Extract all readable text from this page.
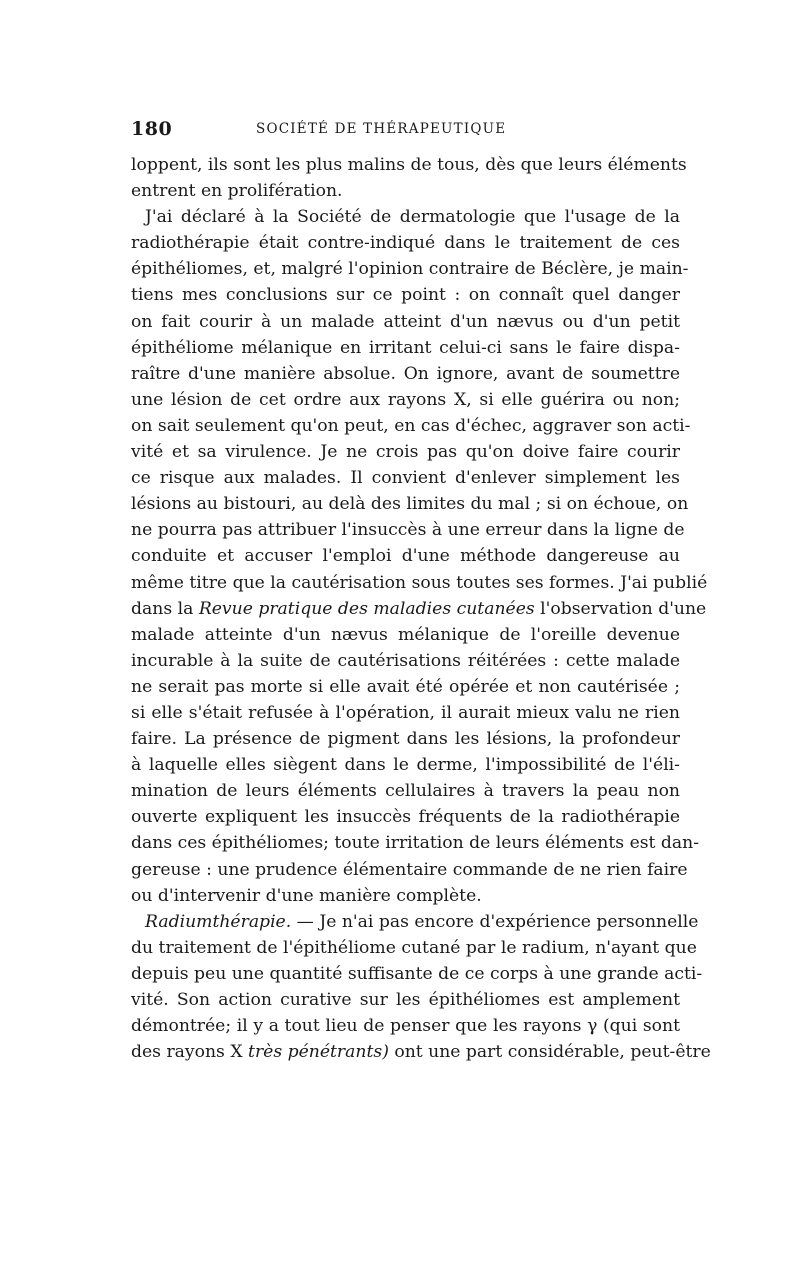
180	SOCIÉTÉ DE THÉRAPEUTIQUE
loppent, ils sont les plus malins de tous, dès que leurs éléments
entrent en prolifération.
J'ai déclaré à la Société de dermatologie que l'usage de la
radiothérapie était contre-indiqué dans le traitement de ces
épithéliomes, et, malgré l'opinion contraire de Béclère, je main-
tiens mes conclusions sur ce point : on connaît quel danger
on fait courir à un malade atteint d'un nævus ou d'un petit
épithéliome mélanique en irritant celui-ci sans le faire dispa-
raître d'une manière absolue. On ignore, avant de soumettre
une lésion de cet ordre aux rayons X, si elle guérira ou non;
on sait seulement qu'on peut, en cas d'échec, aggraver son acti-
vité et sa virulence. Je ne crois pas qu'on doive faire courir
ce risque aux malades. Il convient d'enlever simplement les
lésions au bistouri, au delà des limites du mal ; si on échoue, on
ne pourra pas attribuer l'insuccès à une erreur dans la ligne de
conduite et accuser l'emploi d'une méthode dangereuse au
même titre que la cautérisation sous toutes ses formes. J'ai publié
dans la Revue pratique des maladies cutanées l'observation d'une
malade atteinte d'un nævus mélanique de l'oreille devenue
incurable à la suite de cautérisations réitérées : cette malade
ne serait pas morte si elle avait été opérée et non cautérisée ;
si elle s'était refusée à l'opération, il aurait mieux valu ne rien
faire. La présence de pigment dans les lésions, la profondeur
à laquelle elles siègent dans le derme, l'impossibilité de l'éli-
mination de leurs éléments cellulaires à travers la peau non
ouverte expliquent les insuccès fréquents de la radiothérapie
dans ces épithéliomes; toute irritation de leurs éléments est dan-
gereuse : une prudence élémentaire commande de ne rien faire
ou d'intervenir d'une manière complète.
Radiumthérapie. — Je n'ai pas encore d'expérience personnelle
du traitement de l'épithéliome cutané par le radium, n'ayant que
depuis peu une quantité suffisante de ce corps à une grande acti-
vité. Son action curative sur les épithéliomes est amplement
démontrée; il y a tout lieu de penser que les rayons γ (qui sont
des rayons X très pénétrants) ont une part considérable, peut-être
